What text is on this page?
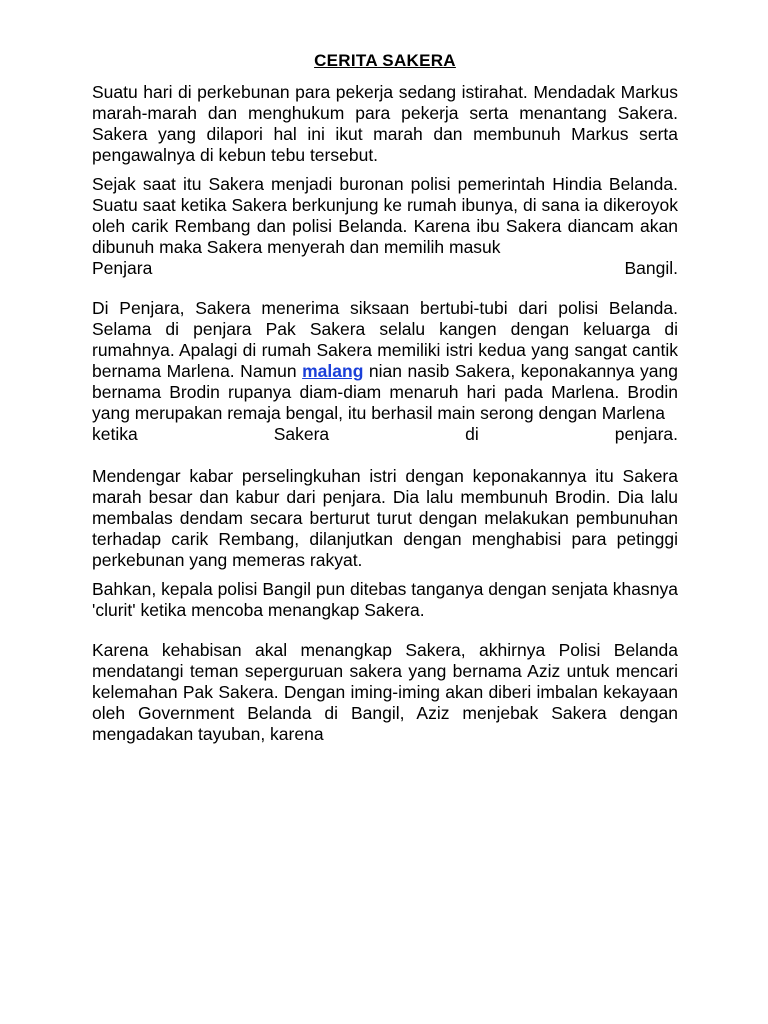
CERITA SAKERA

Suatu hari di perkebunan para pekerja sedang istirahat. Mendadak Markus marah-marah dan menghukum para pekerja serta menantang Sakera. Sakera yang dilapori hal ini ikut marah dan membunuh Markus serta pengawalnya di kebun tebu tersebut.

Sejak saat itu Sakera menjadi buronan polisi pemerintah Hindia Belanda. Suatu saat ketika Sakera berkunjung ke rumah ibunya, di sana ia dikeroyok oleh carik Rembang dan polisi Belanda. Karena ibu Sakera diancam akan dibunuh maka Sakera menyerah dan memilih masuk
Penjara Bangil.

Di Penjara, Sakera menerima siksaan bertubi-tubi dari polisi Belanda. Selama di penjara Pak Sakera selalu kangen dengan keluarga di rumahnya. Apalagi di rumah Sakera memiliki istri kedua yang sangat cantik bernama Marlena. Namun malang nian nasib Sakera, keponakannya yang bernama Brodin rupanya diam-diam menaruh hari pada Marlena. Brodin yang merupakan remaja bengal, itu berhasil main serong dengan Marlena
ketika Sakera di penjara.

Mendengar kabar perselingkuhan istri dengan keponakannya itu Sakera marah besar dan kabur dari penjara. Dia lalu membunuh Brodin. Dia lalu membalas dendam secara berturut turut dengan melakukan pembunuhan terhadap carik Rembang, dilanjutkan dengan menghabisi para petinggi perkebunan yang memeras rakyat.

Bahkan, kepala polisi Bangil pun ditebas tanganya dengan senjata khasnya 'clurit' ketika mencoba menangkap Sakera.

Karena kehabisan akal menangkap Sakera, akhirnya Polisi Belanda mendatangi teman seperguruan sakera yang bernama Aziz untuk mencari kelemahan Pak Sakera. Dengan iming-iming akan diberi imbalan kekayaan oleh Government Belanda di Bangil, Aziz menjebak Sakera dengan mengadakan tayuban, karena
